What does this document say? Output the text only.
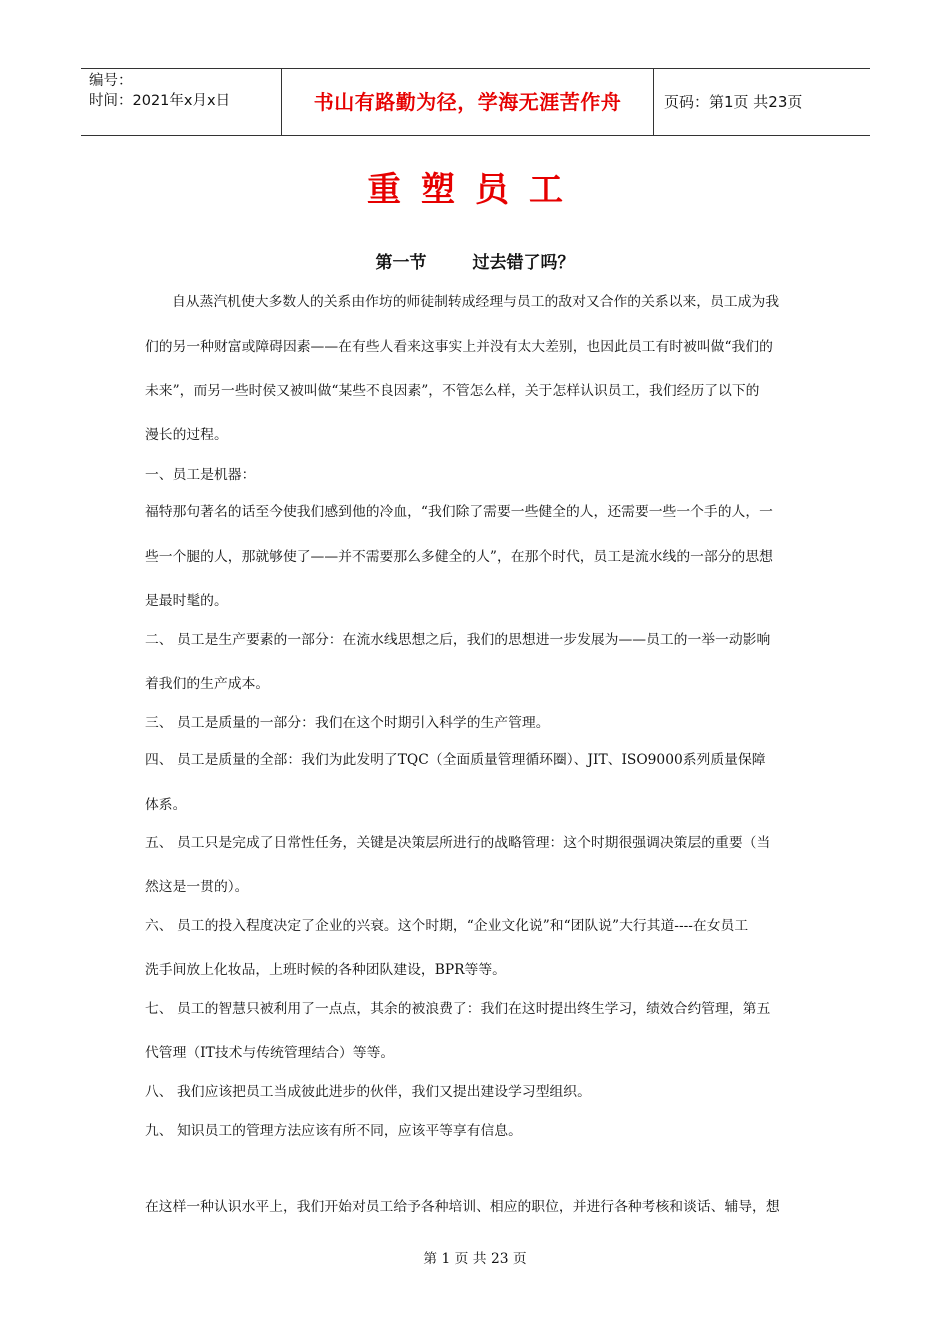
编号：
时间：2021年x月x日	书山有路勤为径，学海无涯苦作舟	页码：第1页 共23页
重塑员工
第一节	过去错了吗？
自从蒸汽机使大多数人的关系由作坊的师徒制转成经理与员工的敌对又合作的关系以来，员工成为我
们的另一种财富或障碍因素——在有些人看来这事实上并没有太大差别，也因此员工有时被叫做“我们的
未来”，而另一些时侯又被叫做“某些不良因素”，不管怎么样，关于怎样认识员工，我们经历了以下的
漫长的过程。
一、员工是机器：
福特那句著名的话至今使我们感到他的冷血，“我们除了需要一些健全的人，还需要一些一个手的人，一
些一个腿的人，那就够使了——并不需要那么多健全的人”，在那个时代，员工是流水线的一部分的思想
是最时髦的。
二、 员工是生产要素的一部分：在流水线思想之后，我们的思想进一步发展为——员工的一举一动影响
着我们的生产成本。
三、 员工是质量的一部分：我们在这个时期引入科学的生产管理。
四、 员工是质量的全部：我们为此发明了TQC（全面质量管理循环圈）、JIT、ISO9000系列质量保障
体系。
五、 员工只是完成了日常性任务，关键是决策层所进行的战略管理：这个时期很强调决策层的重要（当
然这是一贯的）。
六、 员工的投入程度决定了企业的兴衰。这个时期，“企业文化说”和“团队说”大行其道----在女员工
洗手间放上化妆品，上班时候的各种团队建设，BPR等等。
七、 员工的智慧只被利用了一点点，其余的被浪费了：我们在这时提出终生学习，绩效合约管理，第五
代管理（IT技术与传统管理结合）等等。
八、 我们应该把员工当成彼此进步的伙伴，我们又提出建设学习型组织。
九、 知识员工的管理方法应该有所不同，应该平等享有信息。
在这样一种认识水平上，我们开始对员工给予各种培训、相应的职位，并进行各种考核和谈话、辅导，想
第 1 页 共 23 页
